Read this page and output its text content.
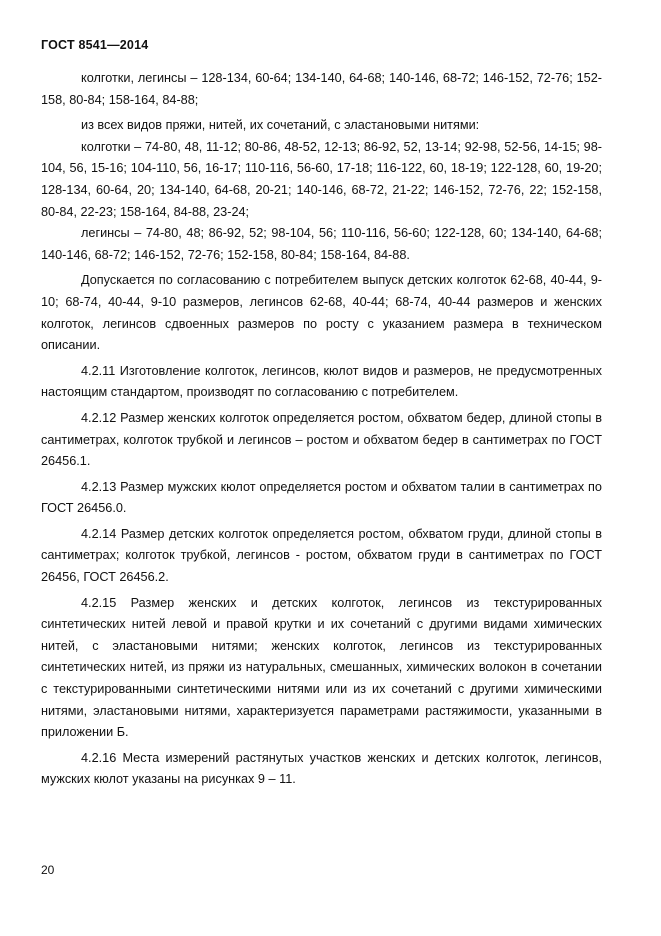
ГОСТ 8541—2014

колготки, легинсы – 128-134, 60-64; 134-140, 64-68; 140-146, 68-72; 146-152, 72-76; 152-158, 80-84; 158-164, 84-88;

из всех видов пряжи, нитей, их сочетаний, с эластановыми нитями:

колготки – 74-80, 48, 11-12; 80-86, 48-52, 12-13; 86-92, 52, 13-14; 92-98, 52-56, 14-15; 98-104, 56, 15-16; 104-110, 56, 16-17; 110-116, 56-60, 17-18; 116-122, 60, 18-19; 122-128, 60, 19-20; 128-134, 60-64, 20; 134-140, 64-68, 20-21; 140-146, 68-72, 21-22; 146-152, 72-76, 22; 152-158, 80-84, 22-23; 158-164, 84-88, 23-24;

легинсы – 74-80, 48; 86-92, 52; 98-104, 56; 110-116, 56-60; 122-128, 60; 134-140, 64-68; 140-146, 68-72; 146-152, 72-76; 152-158, 80-84; 158-164, 84-88.

Допускается по согласованию с потребителем выпуск детских колготок 62-68, 40-44, 9-10; 68-74, 40-44, 9-10 размеров, легинсов 62-68, 40-44; 68-74, 40-44 размеров и женских колготок, легинсов сдвоенных размеров по росту с указанием размера в техническом описании.

4.2.11 Изготовление колготок, легинсов, кюлот видов и размеров, не предусмотренных настоящим стандартом, производят по согласованию с потребителем.

4.2.12 Размер женских колготок определяется ростом, обхватом бедер, длиной стопы в сантиметрах, колготок трубкой и легинсов – ростом и обхватом бедер в сантиметрах по ГОСТ 26456.1.

4.2.13 Размер мужских кюлот определяется ростом и обхватом талии в сантиметрах по ГОСТ 26456.0.

4.2.14 Размер детских колготок определяется ростом, обхватом груди, длиной стопы в сантиметрах; колготок трубкой, легинсов - ростом, обхватом груди в сантиметрах по ГОСТ 26456, ГОСТ 26456.2.

4.2.15 Размер женских и детских колготок, легинсов из текстурированных синтетических нитей левой и правой крутки и их сочетаний с другими видами химических нитей, с эластановыми нитями; женских колготок, легинсов из текстурированных синтетических нитей, из пряжи из натуральных, смешанных, химических волокон в сочетании с текстурированными синтетическими нитями или из их сочетаний с другими химическими нитями, эластановыми нитями, характеризуется параметрами растяжимости, указанными в приложении Б.

4.2.16 Места измерений растянутых участков женских и детских колготок, легинсов, мужских кюлот указаны на рисунках 9 – 11.

20
